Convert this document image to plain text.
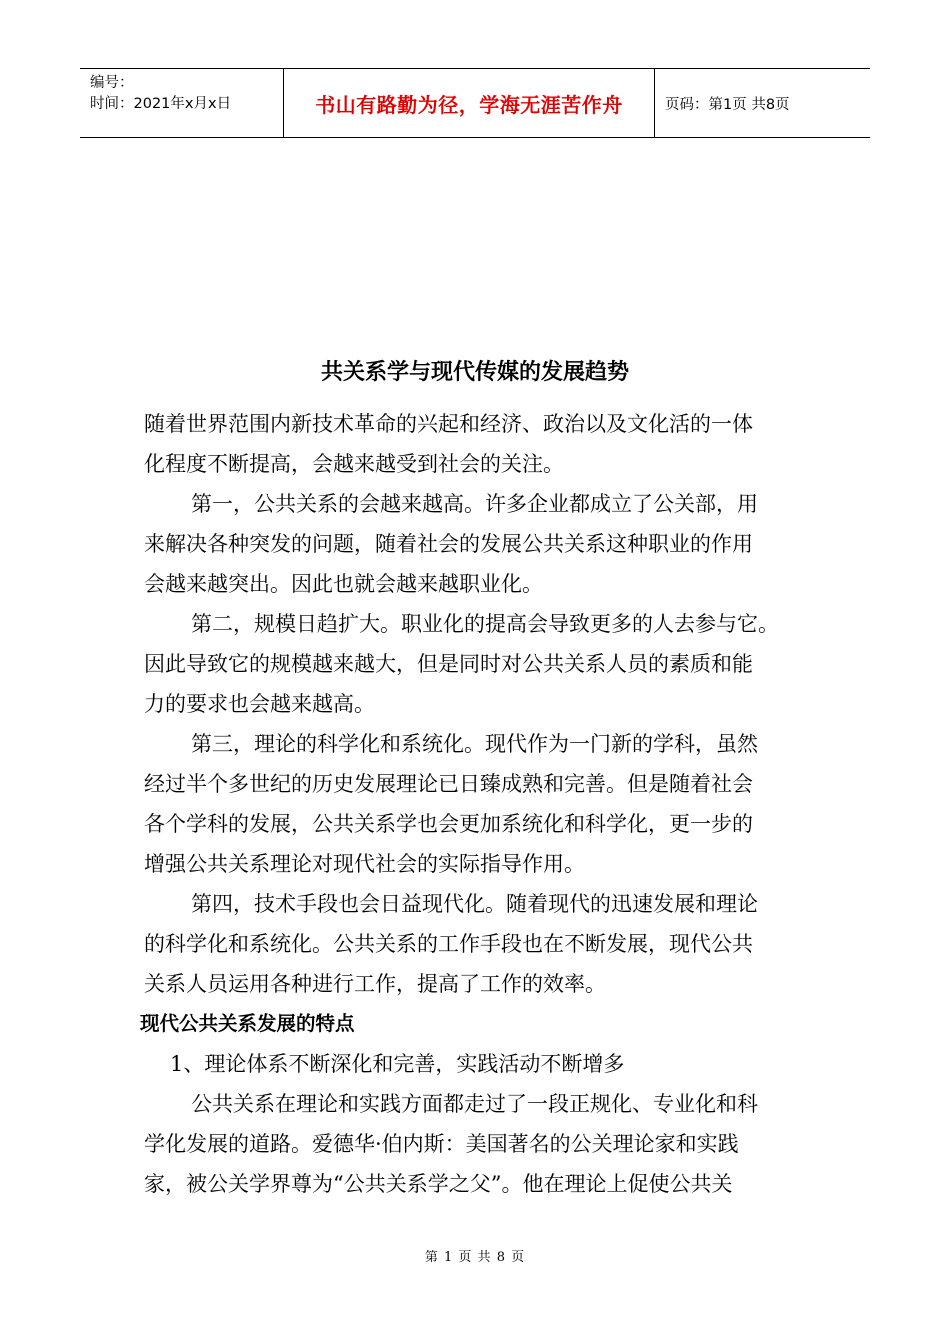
编号：
时间：2021年x月x日	书山有路勤为径，学海无涯苦作舟	页码：第1页 共8页
共关系学与现代传媒的发展趋势
随着世界范围内新技术革命的兴起和经济、政治以及文化活的一体
化程度不断提高，会越来越受到社会的关注。
第一，公共关系的会越来越高。许多企业都成立了公关部，用
来解决各种突发的问题，随着社会的发展公共关系这种职业的作用
会越来越突出。因此也就会越来越职业化。
第二，规模日趋扩大。职业化的提高会导致更多的人去参与它。
因此导致它的规模越来越大，但是同时对公共关系人员的素质和能
力的要求也会越来越高。
第三，理论的科学化和系统化。现代作为一门新的学科，虽然
经过半个多世纪的历史发展理论已日臻成熟和完善。但是随着社会
各个学科的发展，公共关系学也会更加系统化和科学化，更一步的
增强公共关系理论对现代社会的实际指导作用。
第四，技术手段也会日益现代化。随着现代的迅速发展和理论
的科学化和系统化。公共关系的工作手段也在不断发展，现代公共
关系人员运用各种进行工作，提高了工作的效率。
现代公共关系发展的特点
1、理论体系不断深化和完善，实践活动不断增多
公共关系在理论和实践方面都走过了一段正规化、专业化和科
学化发展的道路。爱德华·伯内斯：美国著名的公关理论家和实践
家，被公关学界尊为“公共关系学之父”。他在理论上促使公共关
第 1 页 共 8 页
